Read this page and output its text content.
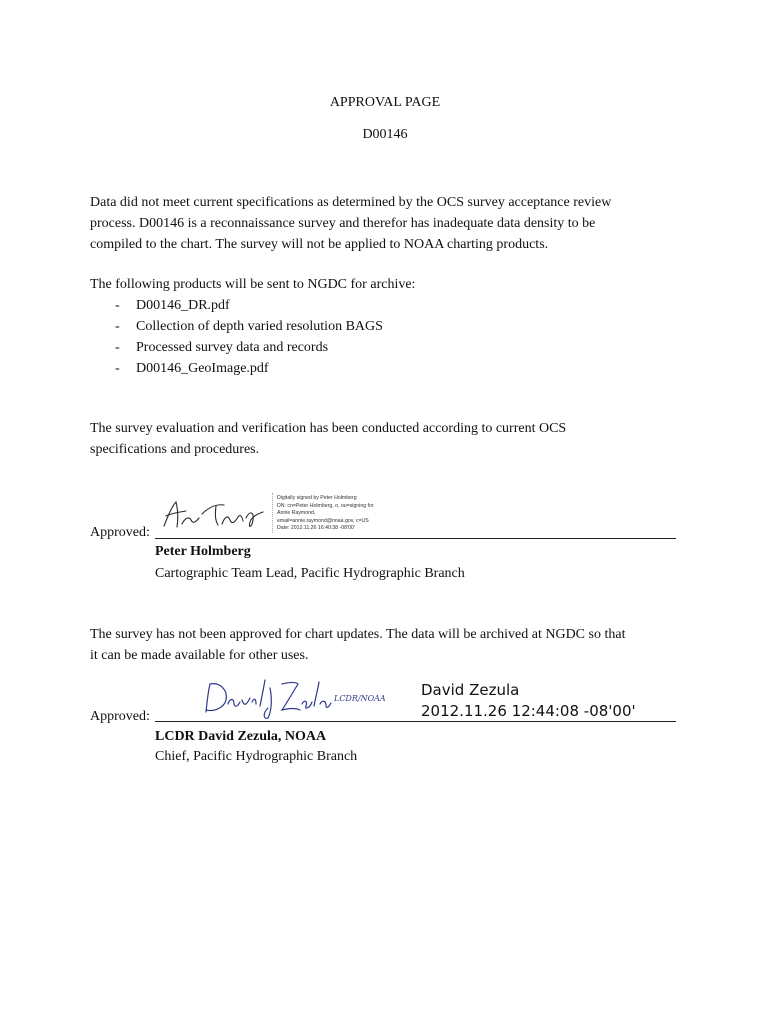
APPROVAL PAGE
D00146
Data did not meet current specifications as determined by the OCS survey acceptance review
process. D00146 is a reconnaissance survey and therefor has inadequate data density to be
compiled to the chart. The survey will not be applied to NOAA charting products.
The following products will be sent to NGDC for archive:
- D00146_DR.pdf
- Collection of depth varied resolution BAGS
- Processed survey data and records
- D00146_GeoImage.pdf
The survey evaluation and verification has been conducted according to current OCS
specifications and procedures.
Digitally signed by Peter Holmberg
DN: cn=Peter Holmberg, o, ou=signing for
Annie Raymond,
email=annie.raymond@noaa.gov, c=US
Date: 2012.11.26 16:40:38 -08'00'
Approved:
Peter Holmberg
Cartographic Team Lead, Pacific Hydrographic Branch
The survey has not been approved for chart updates. The data will be archived at NGDC so that
it can be made available for other uses.
LCDR/NOAA David Zezula
2012.11.26 12:44:08 -08'00'
Approved:
LCDR David Zezula, NOAA
Chief, Pacific Hydrographic Branch
